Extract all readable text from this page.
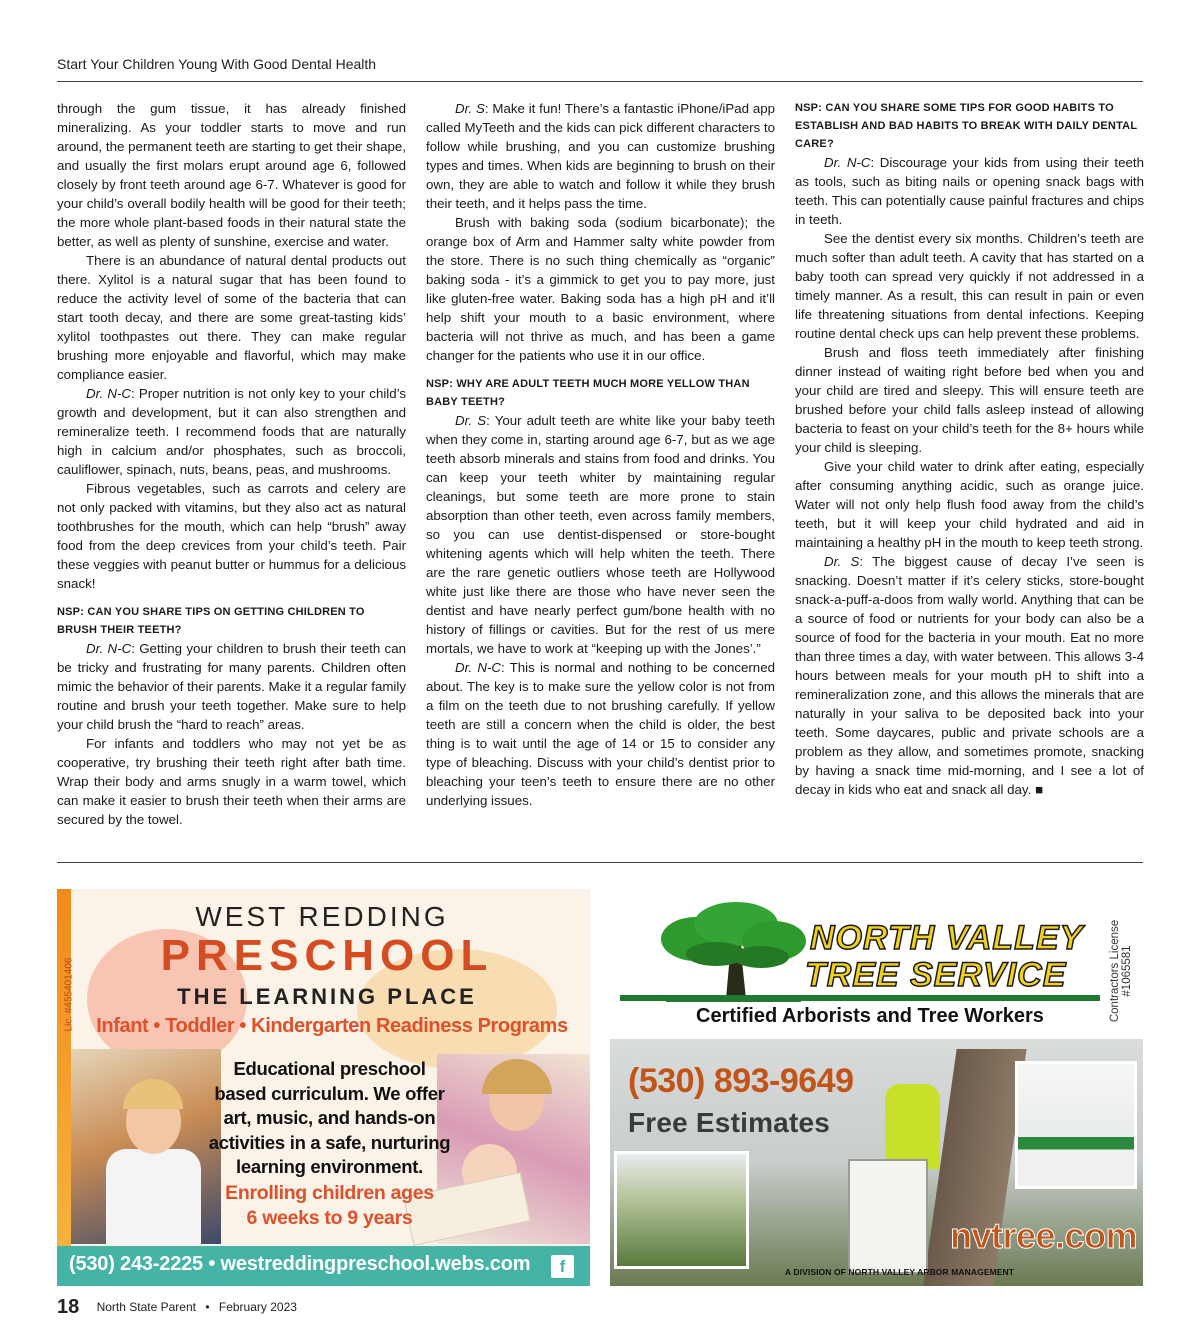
Start Your Children Young With Good Dental Health

through the gum tissue, it has already finished mineralizing. As your toddler starts to move and run around, the permanent teeth are starting to get their shape, and usually the first molars erupt around age 6, followed closely by front teeth around age 6-7. Whatever is good for your child’s overall bodily health will be good for their teeth; the more whole plant-based foods in their natural state the better, as well as plenty of sunshine, exercise and water.

There is an abundance of natural dental products out there. Xylitol is a natural sugar that has been found to reduce the activity level of some of the bacteria that can start tooth decay, and there are some great-tasting kids’ xylitol toothpastes out there. They can make regular brushing more enjoyable and flavorful, which may make compliance easier.

Dr. N-C: Proper nutrition is not only key to your child’s growth and development, but it can also strengthen and remineralize teeth. I recommend foods that are naturally high in calcium and/or phosphates, such as broccoli, cauliflower, spinach, nuts, beans, peas, and mushrooms.

Fibrous vegetables, such as carrots and celery are not only packed with vitamins, but they also act as natural toothbrushes for the mouth, which can help “brush” away food from the deep crevices from your child’s teeth. Pair these veggies with peanut butter or hummus for a delicious snack!

NSP: CAN YOU SHARE TIPS ON GETTING CHILDREN TO BRUSH THEIR TEETH?

Dr. N-C: Getting your children to brush their teeth can be tricky and frustrating for many parents. Children often mimic the behavior of their parents. Make it a regular family routine and brush your teeth together. Make sure to help your child brush the “hard to reach” areas.

For infants and toddlers who may not yet be as cooperative, try brushing their teeth right after bath time. Wrap their body and arms snugly in a warm towel, which can make it easier to brush their teeth when their arms are secured by the towel.

Dr. S: Make it fun! There’s a fantastic iPhone/iPad app called MyTeeth and the kids can pick different characters to follow while brushing, and you can customize brushing types and times. When kids are beginning to brush on their own, they are able to watch and follow it while they brush their teeth, and it helps pass the time.

Brush with baking soda (sodium bicarbonate); the orange box of Arm and Hammer salty white powder from the store. There is no such thing chemically as “organic” baking soda - it’s a gimmick to get you to pay more, just like gluten-free water. Baking soda has a high pH and it’ll help shift your mouth to a basic environment, where bacteria will not thrive as much, and has been a game changer for the patients who use it in our office.

NSP: WHY ARE ADULT TEETH MUCH MORE YELLOW THAN BABY TEETH?

Dr. S: Your adult teeth are white like your baby teeth when they come in, starting around age 6-7, but as we age teeth absorb minerals and stains from food and drinks. You can keep your teeth whiter by maintaining regular cleanings, but some teeth are more prone to stain absorption than other teeth, even across family members, so you can use dentist-dispensed or store-bought whitening agents which will help whiten the teeth. There are the rare genetic outliers whose teeth are Hollywood white just like there are those who have never seen the dentist and have nearly perfect gum/bone health with no history of fillings or cavities. But for the rest of us mere mortals, we have to work at “keeping up with the Jones’.”

Dr. N-C: This is normal and nothing to be concerned about. The key is to make sure the yellow color is not from a film on the teeth due to not brushing carefully. If yellow teeth are still a concern when the child is older, the best thing is to wait until the age of 14 or 15 to consider any type of bleaching. Discuss with your child’s dentist prior to bleaching your teen’s teeth to ensure there are no other underlying issues.

NSP: CAN YOU SHARE SOME TIPS FOR GOOD HABITS TO ESTABLISH AND BAD HABITS TO BREAK WITH DAILY DENTAL CARE?

Dr. N-C: Discourage your kids from using their teeth as tools, such as biting nails or opening snack bags with teeth. This can potentially cause painful fractures and chips in teeth.

See the dentist every six months. Children’s teeth are much softer than adult teeth. A cavity that has started on a baby tooth can spread very quickly if not addressed in a timely manner. As a result, this can result in pain or even life threatening situations from dental infections. Keeping routine dental check ups can help prevent these problems.

Brush and floss teeth immediately after finishing dinner instead of waiting right before bed when you and your child are tired and sleepy. This will ensure teeth are brushed before your child falls asleep instead of allowing bacteria to feast on your child’s teeth for the 8+ hours while your child is sleeping.

Give your child water to drink after eating, especially after consuming anything acidic, such as orange juice. Water will not only help flush food away from the child’s teeth, but it will keep your child hydrated and aid in maintaining a healthy pH in the mouth to keep teeth strong.

Dr. S: The biggest cause of decay I’ve seen is snacking. Doesn’t matter if it’s celery sticks, store-bought snack-a-puff-a-doos from wally world. Anything that can be a source of food or nutrients for your body can also be a source of food for the bacteria in your mouth. Eat no more than three times a day, with water between. This allows 3-4 hours between meals for your mouth pH to shift into a remineralization zone, and this allows the minerals that are naturally in your saliva to be deposited back into your teeth. Some daycares, public and private schools are a problem as they allow, and sometimes promote, snacking by having a snack time mid-morning, and I see a lot of decay in kids who eat and snack all day. ■

Lic. #455401406
WEST REDDING
PRESCHOOL
THE LEARNING PLACE
Infant • Toddler • Kindergarten Readiness Programs
Educational preschool
based curriculum. We offer
art, music, and hands-on
activities in a safe, nurturing
learning environment.
Enrolling children ages
6 weeks to 9 years
(530) 243-2225 • westreddingpreschool.webs.com	f
NORTH VALLEY
TREE SERVICE
Certified Arborists and Tree Workers	Contractors License #1065581
(530) 893-9649
Free Estimates
nvtree.com
A DIVISION OF NORTH VALLEY ARBOR MANAGEMENT
18 North State Parent • February 2023
